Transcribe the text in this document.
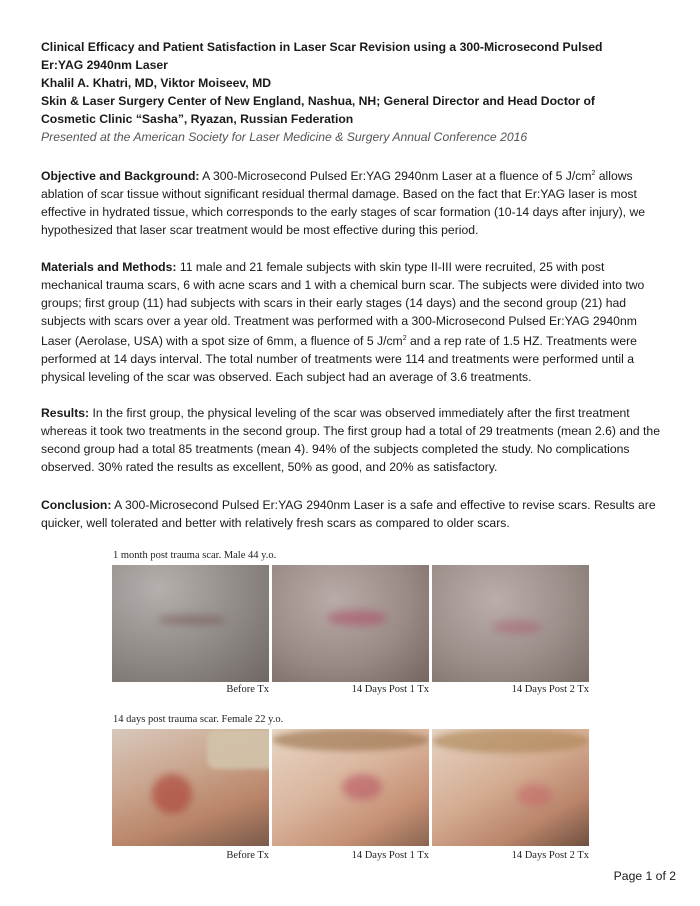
Clinical Efficacy and Patient Satisfaction in Laser Scar Revision using a 300-Microsecond Pulsed
Er:YAG 2940nm Laser
Khalil A. Khatri, MD, Viktor Moiseev, MD
Skin & Laser Surgery Center of New England, Nashua, NH; General Director and Head Doctor of
Cosmetic Clinic “Sasha”, Ryazan, Russian Federation
Presented at the American Society for Laser Medicine & Surgery Annual Conference 2016

Objective and Background: A 300-Microsecond Pulsed Er:YAG 2940nm Laser at a fluence of 5 $J/cm^2$ allows ablation of scar tissue without significant residual thermal damage. Based on the fact that Er:YAG laser is most effective in hydrated tissue, which corresponds to the early stages of scar formation (10-14 days after injury), we hypothesized that laser scar treatment would be most effective during this period.

Materials and Methods: 11 male and 21 female subjects with skin type II-III were recruited, 25 with post mechanical trauma scars, 6 with acne scars and 1 with a chemical burn scar. The subjects were divided into two groups; first group (11) had subjects with scars in their early stages (14 days) and the second group (21) had subjects with scars over a year old. Treatment was performed with a 300-Microsecond Pulsed Er:YAG 2940nm Laser (Aerolase, USA) with a spot size of 6mm, a fluence of 5 $J/cm^2$ and a rep rate of 1.5 HZ. Treatments were performed at 14 days interval. The total number of treatments were 114 and treatments were performed until a physical leveling of the scar was observed. Each subject had an average of 3.6 treatments.

Results: In the first group, the physical leveling of the scar was observed immediately after the first treatment whereas it took two treatments in the second group. The first group had a total of 29 treatments (mean 2.6) and the second group had a total 85 treatments (mean 4). 94% of the subjects completed the study. No complications observed. 30% rated the results as excellent, 50% as good, and 20% as satisfactory.

Conclusion: A 300-Microsecond Pulsed Er:YAG 2940nm Laser is a safe and effective to revise scars. Results are quicker, well tolerated and better with relatively fresh scars as compared to older scars.

1 month post trauma scar. Male 44 y.o.
Before Tx	14 Days Post 1 Tx	14 Days Post 2 Tx
14 days post trauma scar. Female 22 y.o.
Before Tx	14 Days Post 1 Tx	14 Days Post 2 Tx
Page 1 of 2
